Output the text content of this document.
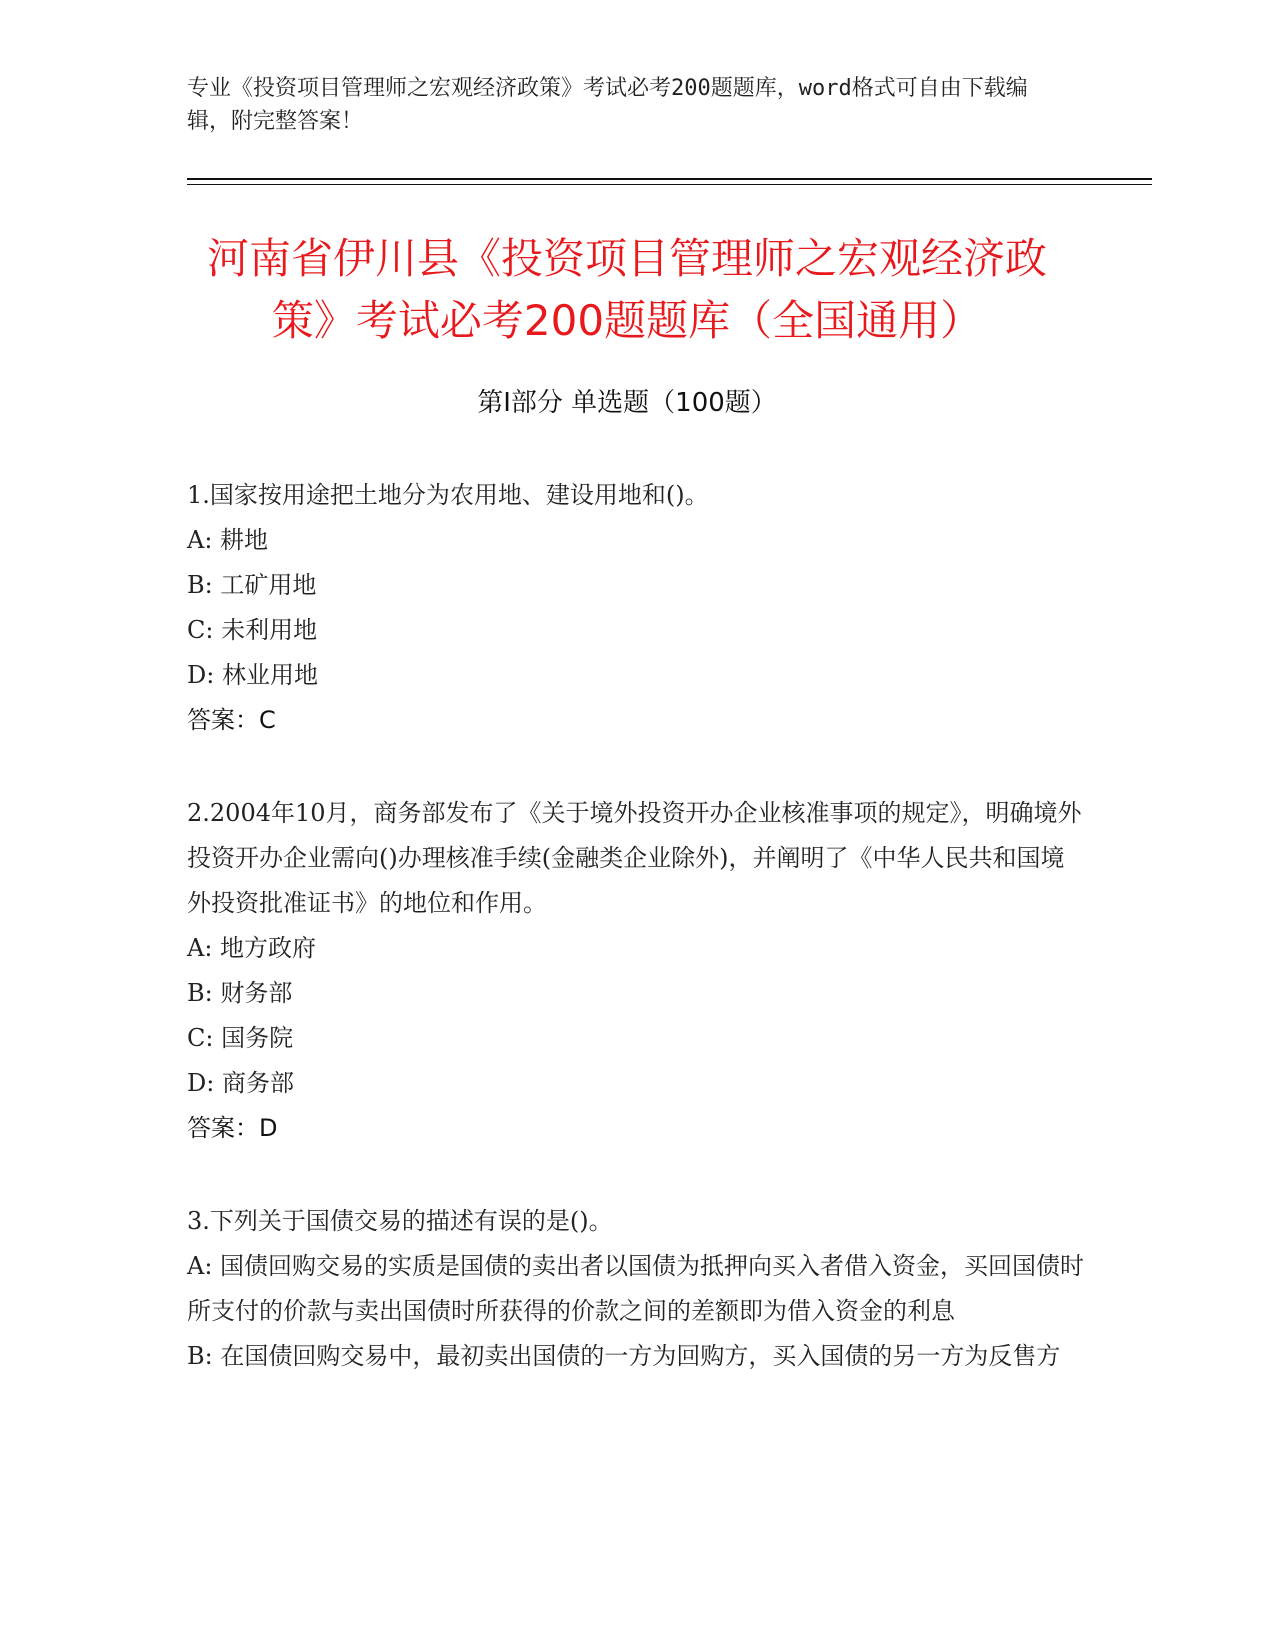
专业《投资项目管理师之宏观经济政策》考试必考200题题库，word格式可自由下载编辑，附完整答案！

河南省伊川县《投资项目管理师之宏观经济政策》考试必考200题题库（全国通用）
第Ⅰ部分 单选题（100题）

1.国家按用途把土地分为农用地、建设用地和()。

A: 耕地

B: 工矿用地

C: 未利用地

D: 林业用地

答案：C

2.2004年10月，商务部发布了《关于境外投资开办企业核准事项的规定》，明确境外投资开办企业需向()办理核准手续(金融类企业除外)，并阐明了《中华人民共和国境外投资批准证书》的地位和作用。

A: 地方政府

B: 财务部

C: 国务院

D: 商务部

答案：D

3.下列关于国债交易的描述有误的是()。

A: 国债回购交易的实质是国债的卖出者以国债为抵押向买入者借入资金，买回国债时所支付的价款与卖出国债时所获得的价款之间的差额即为借入资金的利息

B: 在国债回购交易中，最初卖出国债的一方为回购方，买入国债的另一方为反售方
